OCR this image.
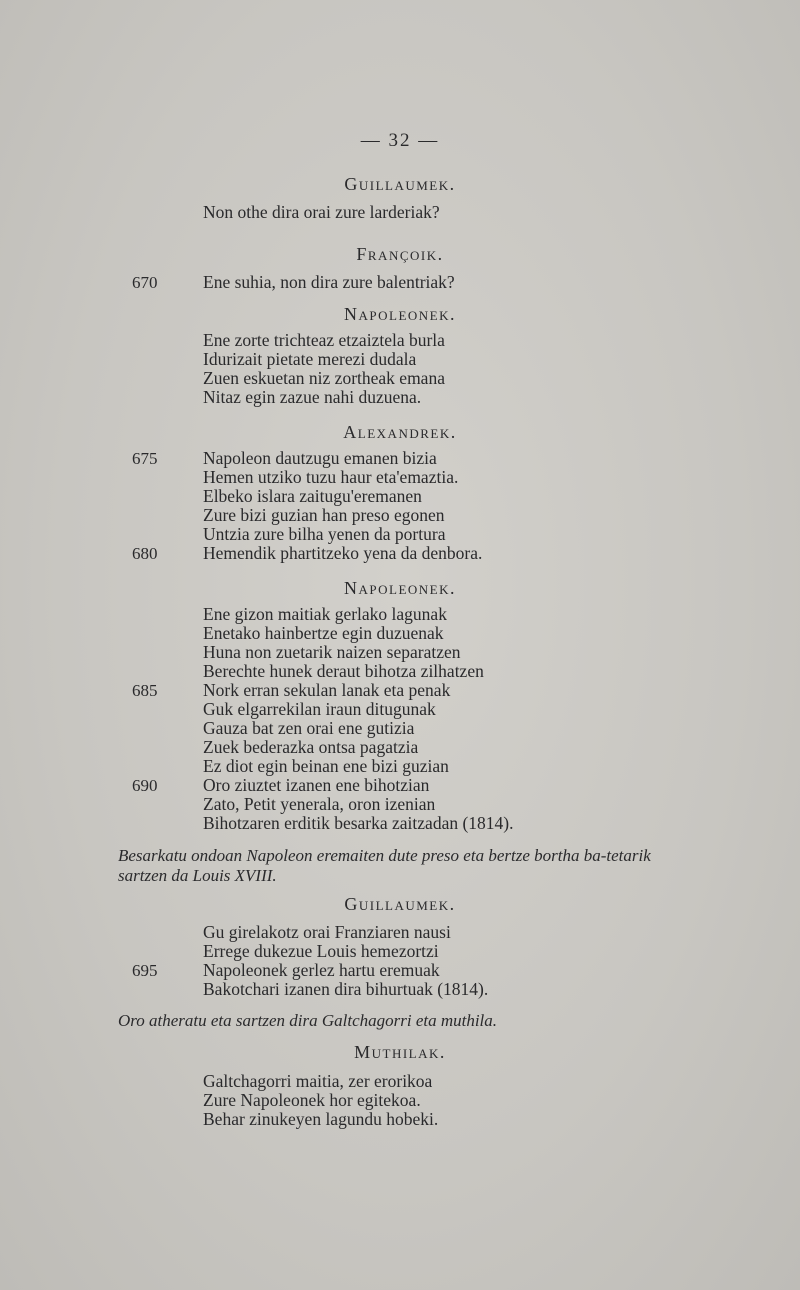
— 32 —
Guillaumek.
Non othe dira orai zure larderiak?
Françoik.
670	Ene suhia, non dira zure balentriak?
Napoleonek.
Ene zorte trichteaz etzaiztela burla
Idurizait pietate merezi dudala
Zuen eskuetan niz zortheak emana
Nitaz egin zazue nahi duzuena.
Alexandrek.
675	Napoleon dautzugu emanen bizia
Hemen utziko tuzu haur eta'emaztia.
Elbeko islara zaitugu'eremanen
Zure bizi guzian han preso egonen
Untzia zure bilha yenen da portura
680	Hemendik phartitzeko yena da denbora.
Napoleonek.
Ene gizon maitiak gerlako lagunak
Enetako hainbertze egin duzuenak
Huna non zuetarik naizen separatzen
Berechte hunek deraut bihotza zilhatzen
685	Nork erran sekulan lanak eta penak
Guk elgarrekilan iraun ditugunak
Gauza bat zen orai ene gutizia
Zuek bederazka ontsa pagatzia
Ez diot egin beinan ene bizi guzian
690	Oro ziuztet izanen ene bihotzian
Zato, Petit yenerala, oron izenian
Bihotzaren erditik besarka zaitzadan (1814).
Besarkatu ondoan Napoleon eremaiten dute preso eta bertze bortha ba-tetarik sartzen da Louis XVIII.
Guillaumek.
Gu girelakotz orai Franziaren nausi
Errege dukezue Louis hemezortzi
695	Napoleonek gerlez hartu eremuak
Bakotchari izanen dira bihurtuak (1814).
Oro atheratu eta sartzen dira Galtchagorri eta muthila.
Muthilak.
Galtchagorri maitia, zer erorikoa
Zure Napoleonek hor egitekoa.
Behar zinukeyen lagundu hobeki.
